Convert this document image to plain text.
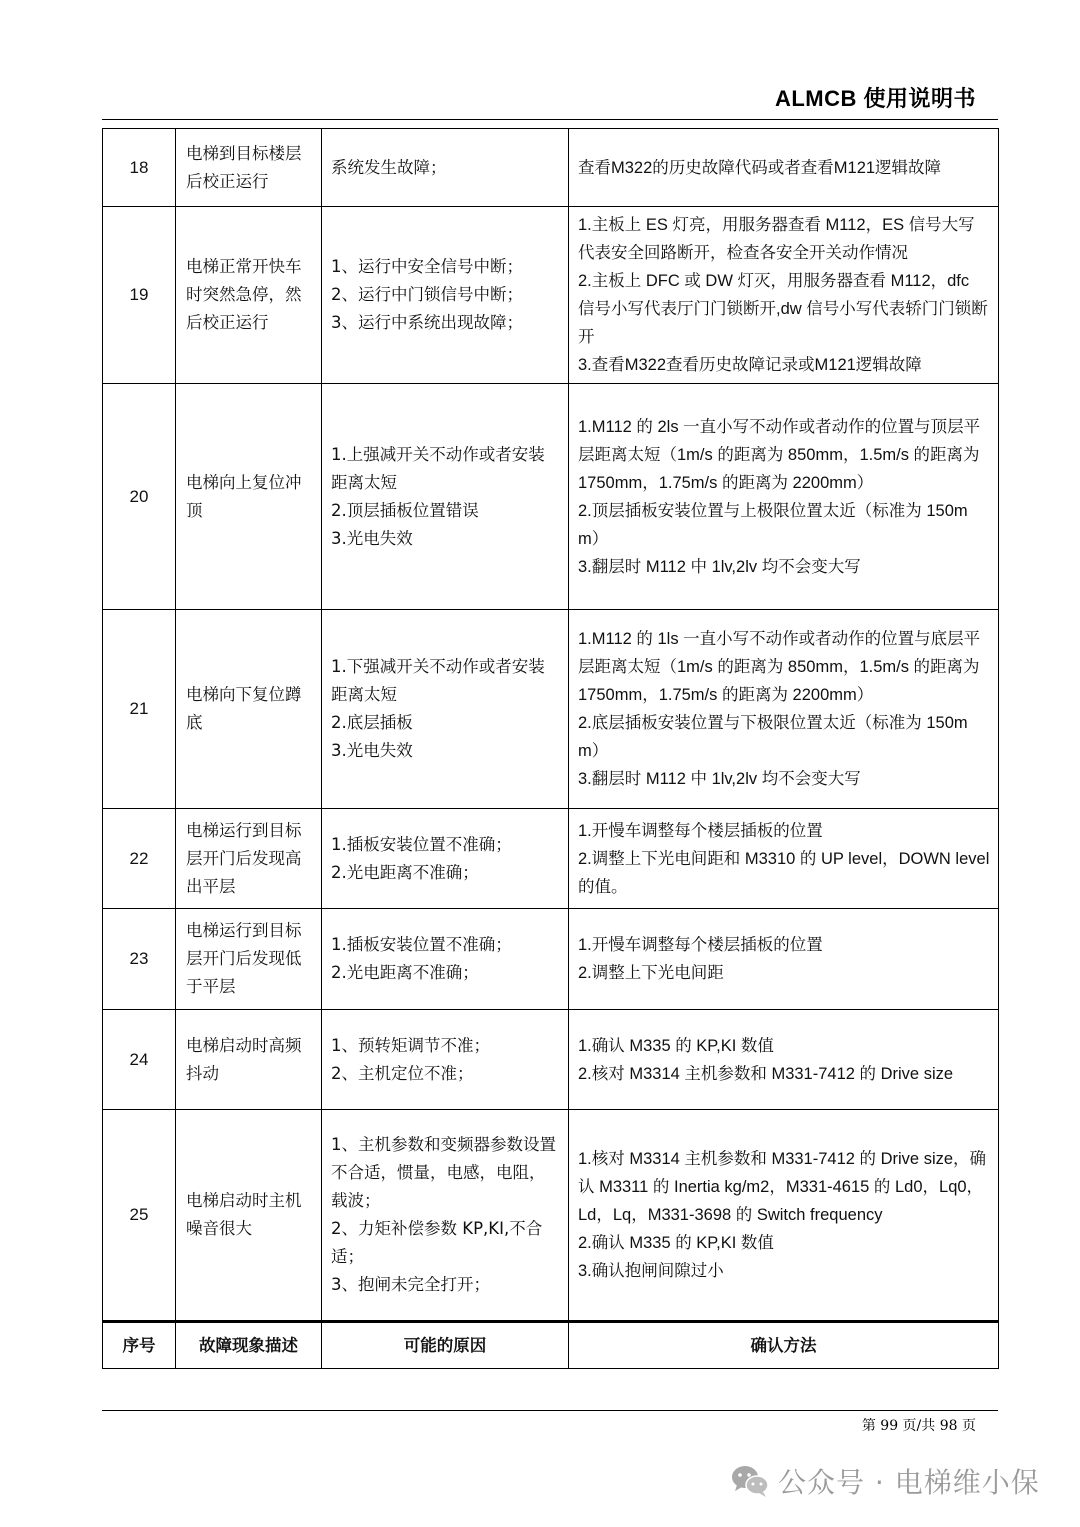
ALMCB 使用说明书
18	电梯到目标楼层后校正运行	系统发生故障；	查看M322的历史故障代码或者查看M121逻辑故障
19	电梯正常开快车时突然急停，然后校正运行	1、运行中安全信号中断；
2、运行中门锁信号中断；
3、运行中系统出现故障；	1.主板上 ES 灯亮，用服务器查看 M112，ES 信号大写代表安全回路断开，检查各安全开关动作情况
2.主板上 DFC 或 DW 灯灭，用服务器查看 M112，dfc 信号小写代表厅门门锁断开,dw 信号小写代表轿门门锁断开
3.查看M322查看历史故障记录或M121逻辑故障
20	电梯向上复位冲顶	1.上强减开关不动作或者安装距离太短
2.顶层插板位置错误
3.光电失效	1.M112 的 2ls 一直小写不动作或者动作的位置与顶层平层距离太短（1m/s 的距离为 850mm，1.5m/s 的距离为 1750mm，1.75m/s 的距离为 2200mm）
2.顶层插板安装位置与上极限位置太近（标准为 150mm）
3.翻层时 M112 中 1lv,2lv 均不会变大写
21	电梯向下复位蹲底	1.下强减开关不动作或者安装距离太短
2.底层插板
3.光电失效	1.M112 的 1ls 一直小写不动作或者动作的位置与底层平层距离太短（1m/s 的距离为 850mm，1.5m/s 的距离为 1750mm，1.75m/s 的距离为 2200mm）
2.底层插板安装位置与下极限位置太近（标准为 150mm）
3.翻层时 M112 中 1lv,2lv 均不会变大写
22	电梯运行到目标层开门后发现高出平层	1.插板安装位置不准确；
2.光电距离不准确；	1.开慢车调整每个楼层插板的位置
2.调整上下光电间距和 M3310 的 UP level，DOWN level 的值。
23	电梯运行到目标层开门后发现低于平层	1.插板安装位置不准确；
2.光电距离不准确；	1.开慢车调整每个楼层插板的位置
2.调整上下光电间距
24	电梯启动时高频抖动	1、预转矩调节不准；
2、主机定位不准；	1.确认 M335 的 KP,KI 数值
2.核对 M3314 主机参数和 M331-7412 的 Drive size
25	电梯启动时主机噪音很大	1、主机参数和变频器参数设置不合适，惯量，电感，电阻，载波；
2、力矩补偿参数 KP,KI,不合适；
3、抱闸未完全打开；	1.核对 M3314 主机参数和 M331-7412 的 Drive size，确认 M3311 的 Inertia kg/m2，M331-4615 的 Ld0，Lq0，Ld，Lq，M331-3698 的 Switch frequency
2.确认 M335 的 KP,KI 数值
3.确认抱闸间隙过小
序号	故障现象描述	可能的原因	确认方法
第 99 页/共 98 页
公众号 · 电梯维小保
